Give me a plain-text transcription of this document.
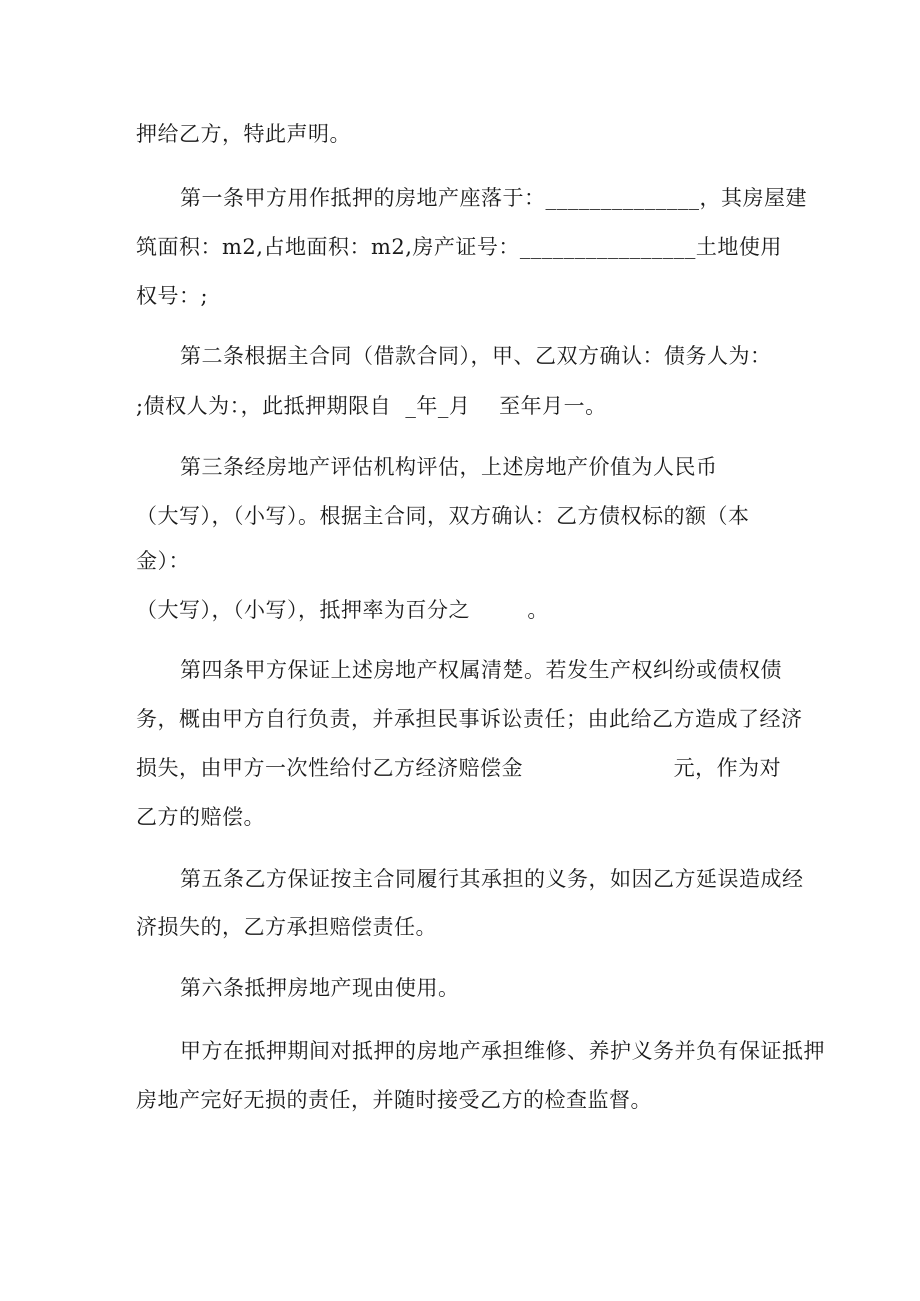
押给乙方，特此声明。
第一条甲方用作抵押的房地产座落于：______________，其房屋建
筑面积：m2,占地面积：m2,房产证号：________________土地使用
权号：;
第二条根据主合同（借款合同），甲、乙双方确认：债务人为：
;债权人为：，此抵押期限自  _年_月    至年月一。
第三条经房地产评估机构评估，上述房地产价值为人民币
（大写），（小写）。根据主合同，双方确认：乙方债权标的额（本
金）：
（大写），（小写），抵押率为百分之        。
第四条甲方保证上述房地产权属清楚。若发生产权纠纷或债权债
务，概由甲方自行负责，并承担民事诉讼责任；由此给乙方造成了经济
损失，由甲方一次性给付乙方经济赔偿金                     元，作为对
乙方的赔偿。
第五条乙方保证按主合同履行其承担的义务，如因乙方延误造成经
济损失的，乙方承担赔偿责任。
第六条抵押房地产现由使用。
甲方在抵押期间对抵押的房地产承担维修、养护义务并负有保证抵押
房地产完好无损的责任，并随时接受乙方的检查监督。
